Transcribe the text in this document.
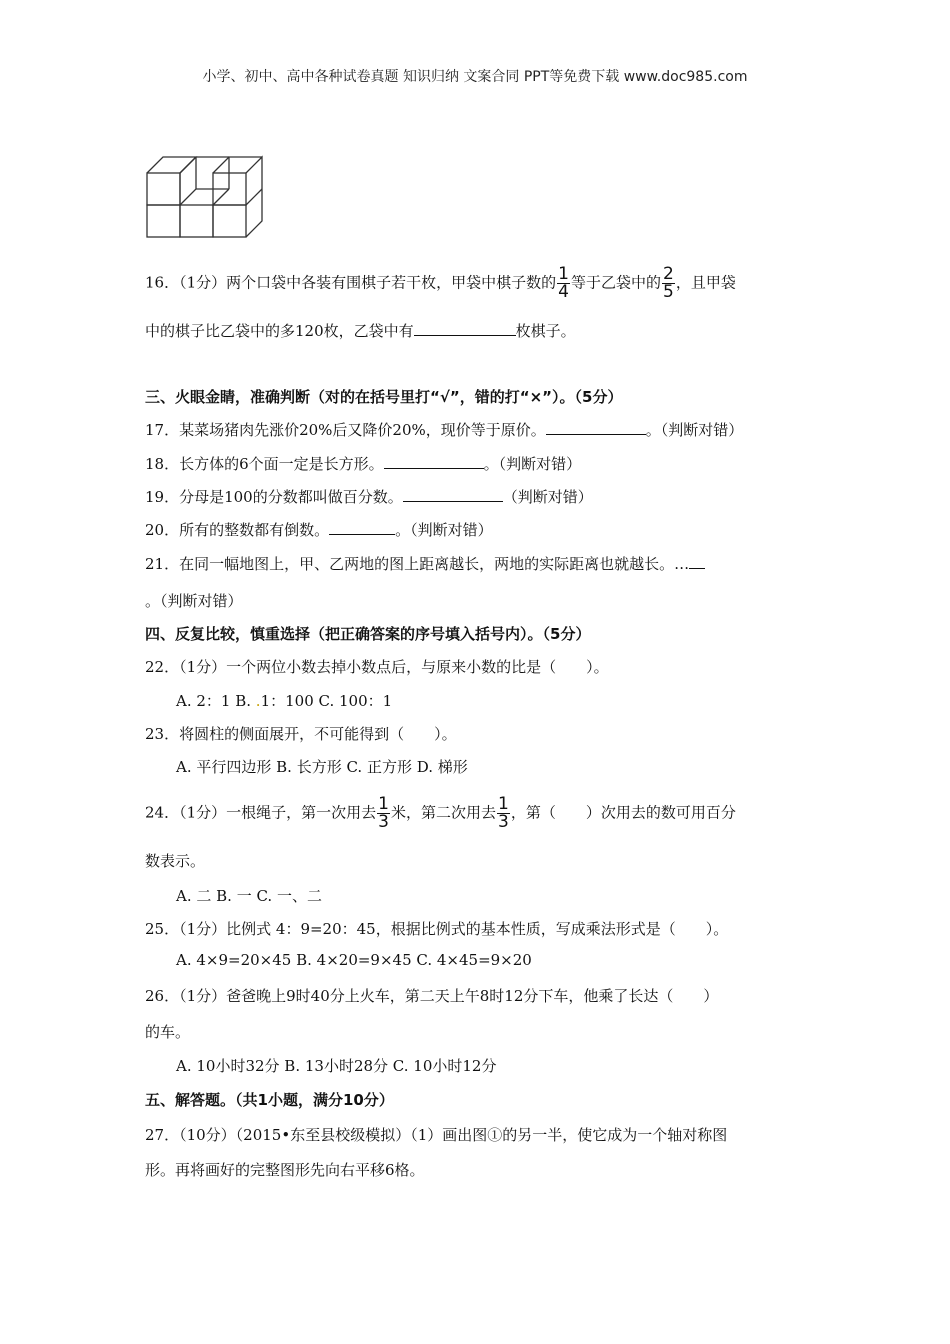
小学、初中、高中各种试卷真题 知识归纳 文案合同 PPT等免费下载 www.doc985.com
16．（1分）两个口袋中各装有围棋子若干枚，甲袋中棋子数的 $\frac{1}{4}$ 等于乙袋中的 $\frac{2}{5}$ ，且甲袋
中的棋子比乙袋中的多120枚，乙袋中有	枚棋子。
三、火眼金睛，准确判断（对的在括号里打“√”，错的打“×”）。（5分）
17．某菜场猪肉先涨价20%后又降价20%，现价等于原价。	。（判断对错）
18．长方体的6个面一定是长方形。	。（判断对错）
19．分母是100的分数都叫做百分数。	（判断对错）
20．所有的整数都有倒数。	。（判断对错）
21．在同一幅地图上，甲、乙两地的图上距离越长，两地的实际距离也就越长。…
。（判断对错）
四、反复比较，慎重选择（把正确答案的序号填入括号内）。（5分）
22．（1分）一个两位小数去掉小数点后，与原来小数的比是（　　）。
A. 2：1 B. .1：100 C. 100：1
23．将圆柱的侧面展开，不可能得到（　　）。
A. 平行四边形 B. 长方形 C. 正方形 D. 梯形
24．（1分）一根绳子，第一次用去 $\frac{1}{3}$ 米，第二次用去 $\frac{1}{3}$ ，第（　　）次用去的数可用百分
数表示。
A. 二 B. 一 C. 一、二
25．（1分）比例式 4：9=20：45，根据比例式的基本性质，写成乘法形式是（　　）。
A. 4×9=20×45 B. 4×20=9×45 C. 4×45=9×20
26．（1分）爸爸晚上9时40分上火车，第二天上午8时12分下车，他乘了长达（　　）
的车。
A. 10小时32分 B. 13小时28分 C. 10小时12分
五、解答题。（共1小题，满分10分）
27．（10分）（2015•东至县校级模拟）（1）画出图①的另一半，使它成为一个轴对称图
形。再将画好的完整图形先向右平移6格。
